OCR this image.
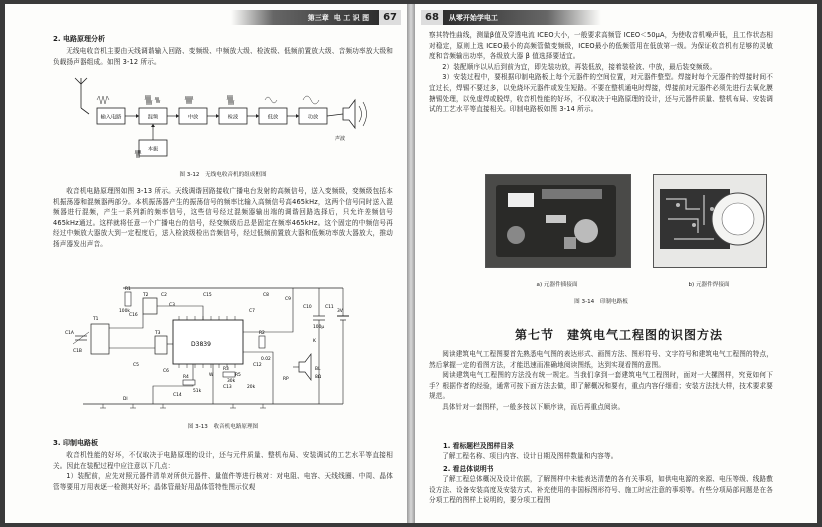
第三章 电 工 识 图	67
2. 电路原理分析

无线电收音机主要由天线调谐输入回路、变频级、中频放大级、检波级、低频前置放大级、音频功率放大级和负载扬声器组成。如图 3-12 所示。

输入电路	混频	中放	检波	低放	功放
本振
声波
图 3-12　无线电收音机的组成框图

收音机电路原理图如图 3-13 所示。天线调谐回路接收广播电台发射的高频信号，送入变频级，变频级包括本机振荡器和混频器两部分。本机振荡器产生的振荡信号的频率比输入高频信号高465kHz，这两个信号同时送入混频器进行混频，产生一系列新的频率信号，这些信号经过混频器输出端的调谐回路选择后，只允许差频信号465kHz通过。这样就将任意一个广播电台的信号，经变频级后总是固定在频率465kHz。这个固定的中频信号再经过中频放大器放大到一定程度后，送入检波级检出音频信号，经过低频前置放大器和低频功率放大器放大，推动扬声器发出声音。

D3839
T2
T3
T1
C1A
C1B
R1
100k
C2
C3
C5
C6
C7
C8
C9
C10	C11
C12
C13
C14
C15
C16
R2
R3
R4	R5
W
RP
51k
20k
0.02
30k
100μ
3V
K
BL
8Ω
Dl
图 3-13　收音机电路原理图
3. 印制电路板

收音机性能的好坏，不仅取决于电路原理的设计，还与元件质量、整机布局、安装调试的工艺水平等直接相关。因此在装配过程中应注意以下几点：

1）装配前，应先对照元器件清单对所供元器件、量值件等进行核对：对电阻、电容、天线线圈、中周、晶体管等要用万用表逐一检测其好坏；晶体管最好用晶体管特性图示仪观

68	从零开始学电工

察其特性曲线，测量β值及穿透电流 ICEO大小，一般要求高频管 ICEO＜50μA，为使收音机噪声低，且工作状态相对稳定，原则上选 ICEO最小的高频管做变频级，ICEO最小的低频管用在低放第一级。为保证收音机有足够的灵敏度和音频输出功率，各级放大器 β 值选择要适宜。

2）装配顺序以从后到前为宜，即先装功放，再装低放，接着装检波、中放，最后装变频级。

3）安装过程中，要根据印制电路板上每个元器件的空间位置，对元器件整型。焊接时每个元器件的焊接时间不宜过长，焊锡不要过多，以免烧坏元器件或发生短路。不要在整机通电时焊接，焊接前对元器件必须先进行去氧化膜搪锡处理，以免虚焊或脱焊，收音机性能的好坏，不仅取决于电路原理的设计，还与元器件质量、整机布局、安装调试的工艺水平等直接相关。印制电路板如图 3-14 所示。

a) 元器件插接面	b) 元器件焊接面
图 3-14　印制电路板
第七节　建筑电气工程图的识图方法

阅读建筑电气工程图要首先熟悉电气图的表达形式、画图方法、图形符号、文字符号和建筑电气工程图的特点，然后掌握一定的看图方法，才能迅速而准确地阅读图纸，达到实现看图的意图。

阅读建筑电气工程图的方法没有统一规定。当我们拿到一套建筑电气工程图时，面对一大摞图样，究竟如何下手？根据作者的经验，通常可按下面方法去做，即了解概况和要有，重点内容仔细看；安装方法找大样，技术要求要规范。

具体针对一套图样，一般多按以下顺序读，而后再重点阅读。

1. 看标题栏及图样目录

了解工程名称、项目内容、设计日期及图样数量和内容等。

2. 看总体说明书

了解工程总体概况及设计依据，了解图样中未能表达清楚的各有关事项，如供电电源的来源、电压等级、线路敷设方法、设备安装高度及安装方式、补充使用的非国标图形符号、施工时应注意的事项等。有些分项局部问题是在各分项工程的图样上说明的，要分项工程图
